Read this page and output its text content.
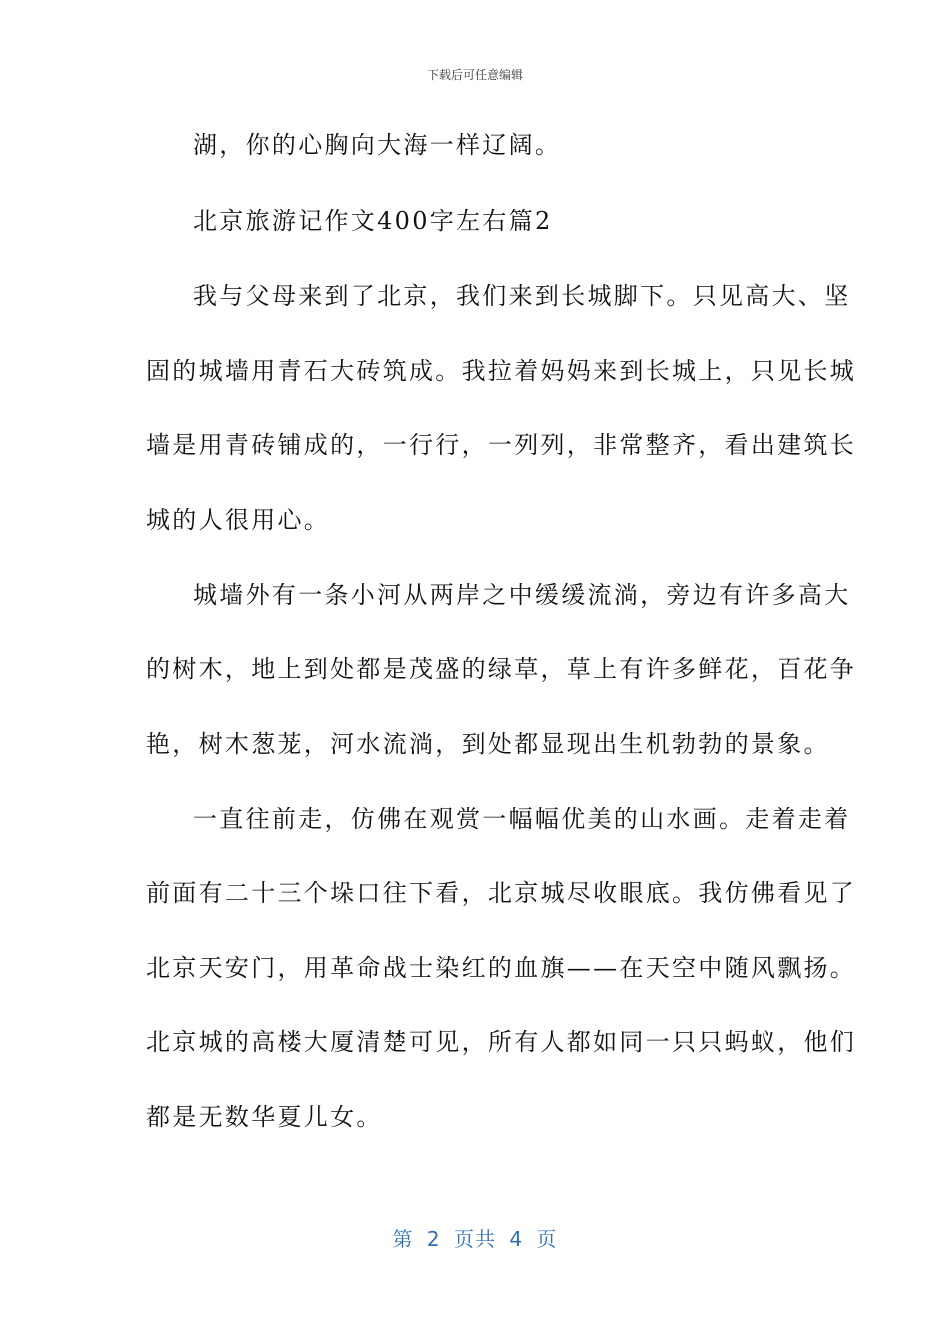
下载后可任意编辑
湖，你的心胸向大海一样辽阔。
北京旅游记作文400字左右篇2
我与父母来到了北京，我们来到长城脚下。只见高大、坚
固的城墙用青石大砖筑成。我拉着妈妈来到长城上，只见长城
墙是用青砖铺成的，一行行，一列列，非常整齐，看出建筑长
城的人很用心。
城墙外有一条小河从两岸之中缓缓流淌，旁边有许多高大
的树木，地上到处都是茂盛的绿草，草上有许多鲜花，百花争
艳，树木葱茏，河水流淌，到处都显现出生机勃勃的景象。
一直往前走，仿佛在观赏一幅幅优美的山水画。走着走着
前面有二十三个垛口往下看，北京城尽收眼底。我仿佛看见了
北京天安门，用革命战士染红的血旗——在天空中随风飘扬。
北京城的高楼大厦清楚可见，所有人都如同一只只蚂蚁，他们
都是无数华夏儿女。
第 2 页共 4 页
